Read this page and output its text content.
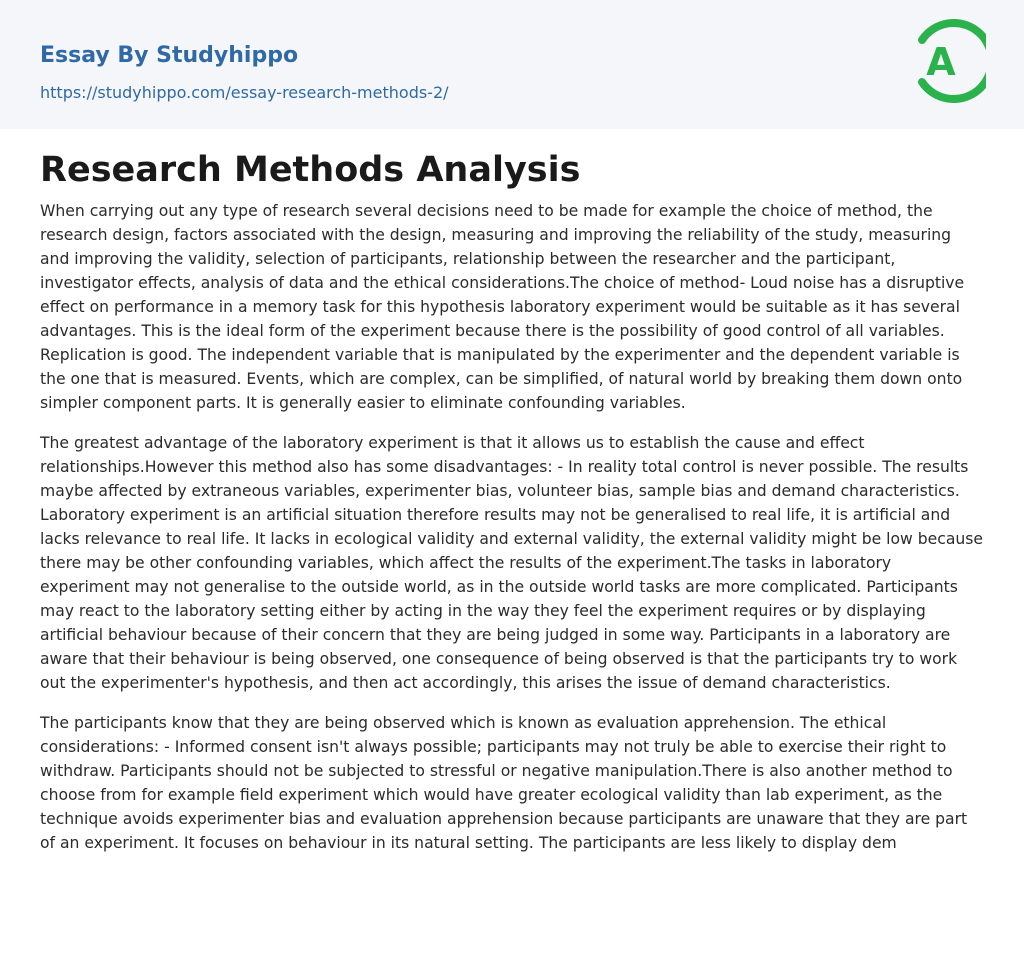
Essay By Studyhippo
https://studyhippo.com/essay-research-methods-2/
A
Research Methods Analysis

When carrying out any type of research several decisions need to be made for example the choice of method, the research design, factors associated with the design, measuring and improving the reliability of the study, measuring and improving the validity, selection of participants, relationship between the researcher and the participant, investigator effects, analysis of data and the ethical considerations.The choice of method- Loud noise has a disruptive effect on performance in a memory task for this hypothesis laboratory experiment would be suitable as it has several advantages. This is the ideal form of the experiment because there is the possibility of good control of all variables. Replication is good. The independent variable that is manipulated by the experimenter and the dependent variable is the one that is measured. Events, which are complex, can be simplified, of natural world by breaking them down onto simpler component parts. It is generally easier to eliminate confounding variables.

The greatest advantage of the laboratory experiment is that it allows us to establish the cause and effect relationships.However this method also has some disadvantages: - In reality total control is never possible. The results maybe affected by extraneous variables, experimenter bias, volunteer bias, sample bias and demand characteristics. Laboratory experiment is an artificial situation therefore results may not be generalised to real life, it is artificial and lacks relevance to real life. It lacks in ecological validity and external validity, the external validity might be low because there may be other confounding variables, which affect the results of the experiment.The tasks in laboratory experiment may not generalise to the outside world, as in the outside world tasks are more complicated. Participants may react to the laboratory setting either by acting in the way they feel the experiment requires or by displaying artificial behaviour because of their concern that they are being judged in some way. Participants in a laboratory are aware that their behaviour is being observed, one consequence of being observed is that the participants try to work out the experimenter's hypothesis, and then act accordingly, this arises the issue of demand characteristics.

The participants know that they are being observed which is known as evaluation apprehension. The ethical considerations: - Informed consent isn't always possible; participants may not truly be able to exercise their right to withdraw. Participants should not be subjected to stressful or negative manipulation.There is also another method to choose from for example field experiment which would have greater ecological validity than lab experiment, as the technique avoids experimenter bias and evaluation apprehension because participants are unaware that they are part of an experiment. It focuses on behaviour in its natural setting. The participants are less likely to display dem
